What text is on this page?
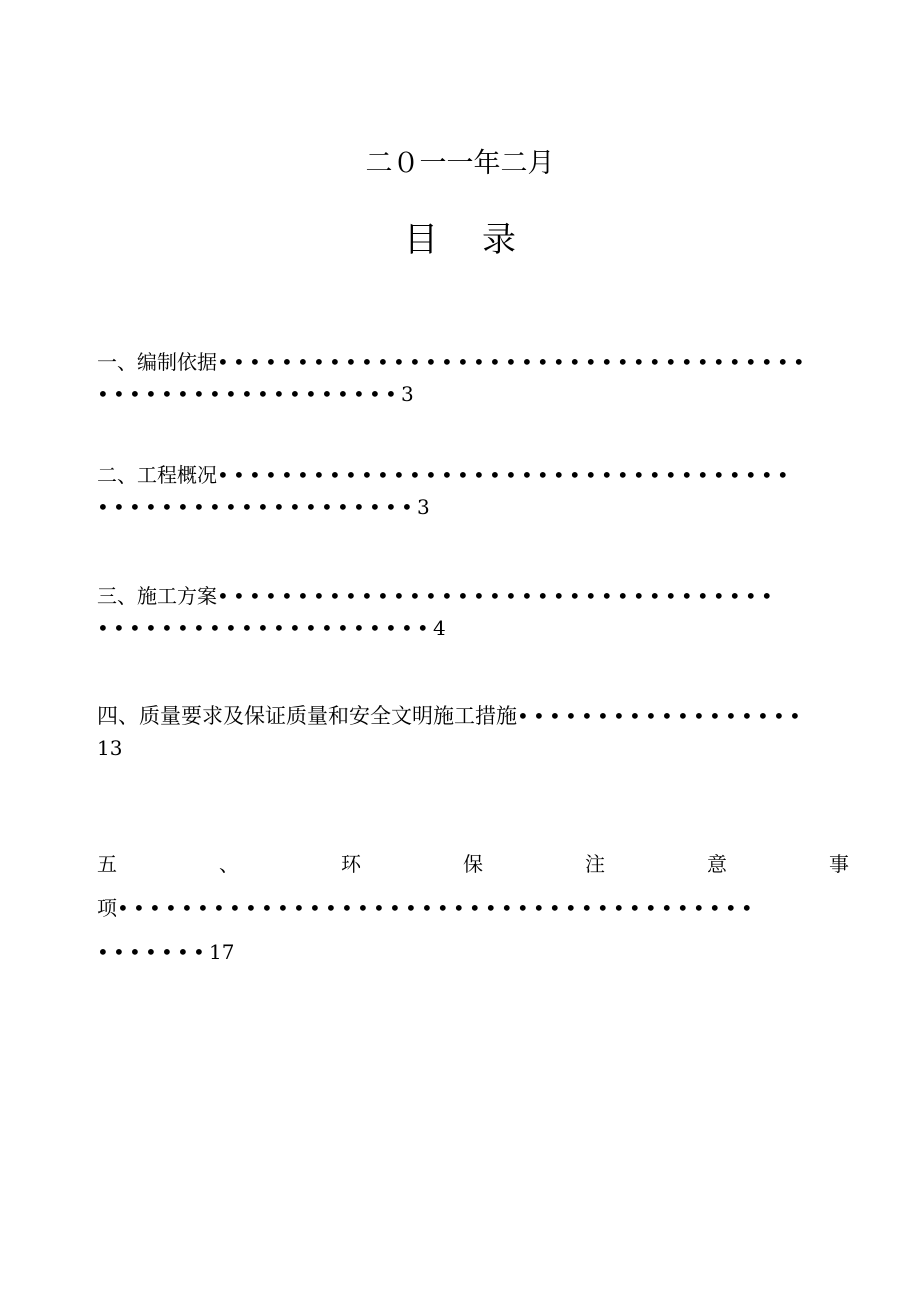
二０一一年二月
目录
一、编制依据•••••••••••••••••••••••••••••••••••••
•••••••••••••••••••3
二、工程概况••••••••••••••••••••••••••••••••••••
••••••••••••••••••••3
三、施工方案•••••••••••••••••••••••••••••••••••
•••••••••••••••••••••4
四、质量要求及保证质量和安全文明施工措施••••••••••••••••••
13
五	、	环	保	注	意	事
项••••••••••••••••••••••••••••••••••••••••
•••••••17
